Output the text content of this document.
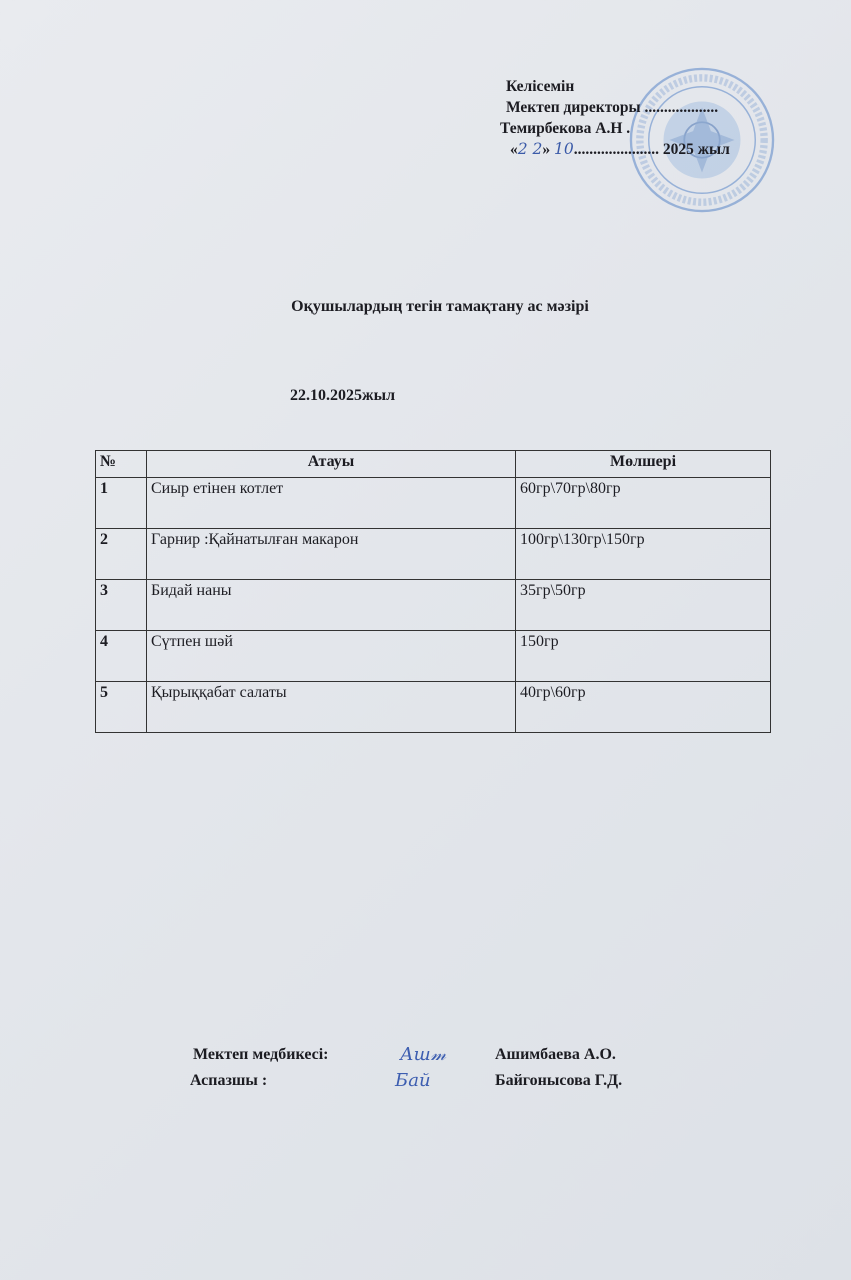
Келісемін
Мектеп директоры ...................
Темирбекова А.Н .
«2 2» 10...................... 2025 жыл
Оқушылардың тегін тамақтану ас мәзірі
22.10.2025жыл
№	Атауы	Мөлшері
1	Сиыр етінен котлет	60гр\70гр\80гр
2	Гарнир :Қайнатылған макарон	100гр\130гр\150гр
3	Бидай наны	35гр\50гр
4	Сүтпен шәй	150гр
5	Қырыққабат салаты	40гр\60гр
Мектеп медбикесі:	Аш𝓂	Ашимбаева А.О.
Аспазшы :	Бай	Байгонысова Г.Д.
